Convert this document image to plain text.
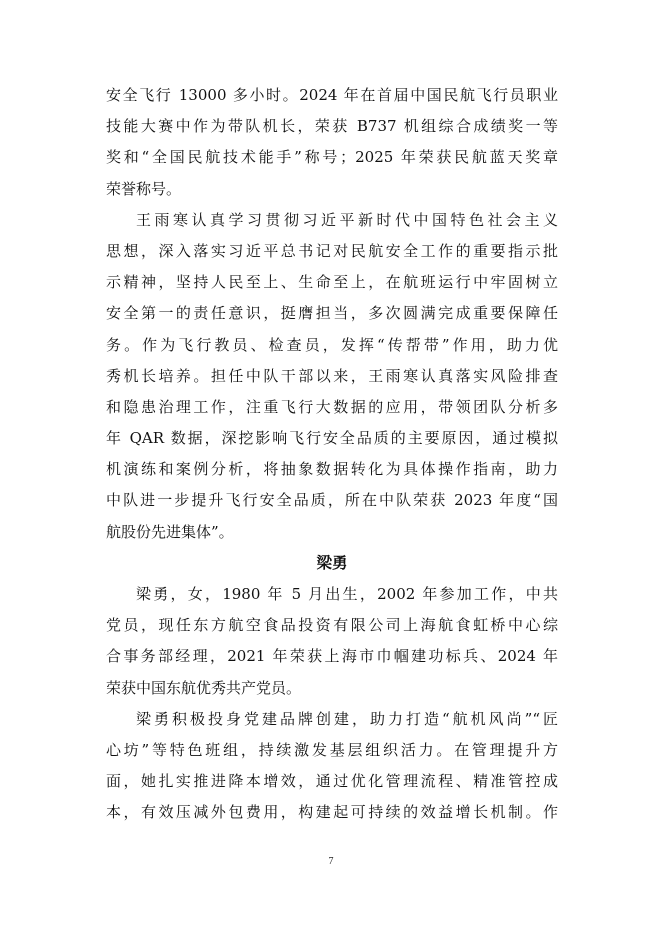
安全飞行 13000 多小时。2024 年在首届中国民航飞行员职业
技能大赛中作为带队机长，荣获 B737 机组综合成绩奖一等
奖和“全国民航技术能手”称号；2025 年荣获民航蓝天奖章
荣誉称号。
王雨寒认真学习贯彻习近平新时代中国特色社会主义
思想，深入落实习近平总书记对民航安全工作的重要指示批
示精神，坚持人民至上、生命至上，在航班运行中牢固树立
安全第一的责任意识，挺膺担当，多次圆满完成重要保障任
务。作为飞行教员、检查员，发挥“传帮带”作用，助力优
秀机长培养。担任中队干部以来，王雨寒认真落实风险排查
和隐患治理工作，注重飞行大数据的应用，带领团队分析多
年 QAR 数据，深挖影响飞行安全品质的主要原因，通过模拟
机演练和案例分析，将抽象数据转化为具体操作指南，助力
中队进一步提升飞行安全品质，所在中队荣获 2023 年度“国
航股份先进集体”。
梁勇
梁勇，女，1980 年 5 月出生，2002 年参加工作，中共
党员，现任东方航空食品投资有限公司上海航食虹桥中心综
合事务部经理，2021 年荣获上海市巾帼建功标兵、2024 年
荣获中国东航优秀共产党员。
梁勇积极投身党建品牌创建，助力打造“航机风尚”“匠
心坊”等特色班组，持续激发基层组织活力。在管理提升方
面，她扎实推进降本增效，通过优化管理流程、精准管控成
本，有效压减外包费用，构建起可持续的效益增长机制。作
7
